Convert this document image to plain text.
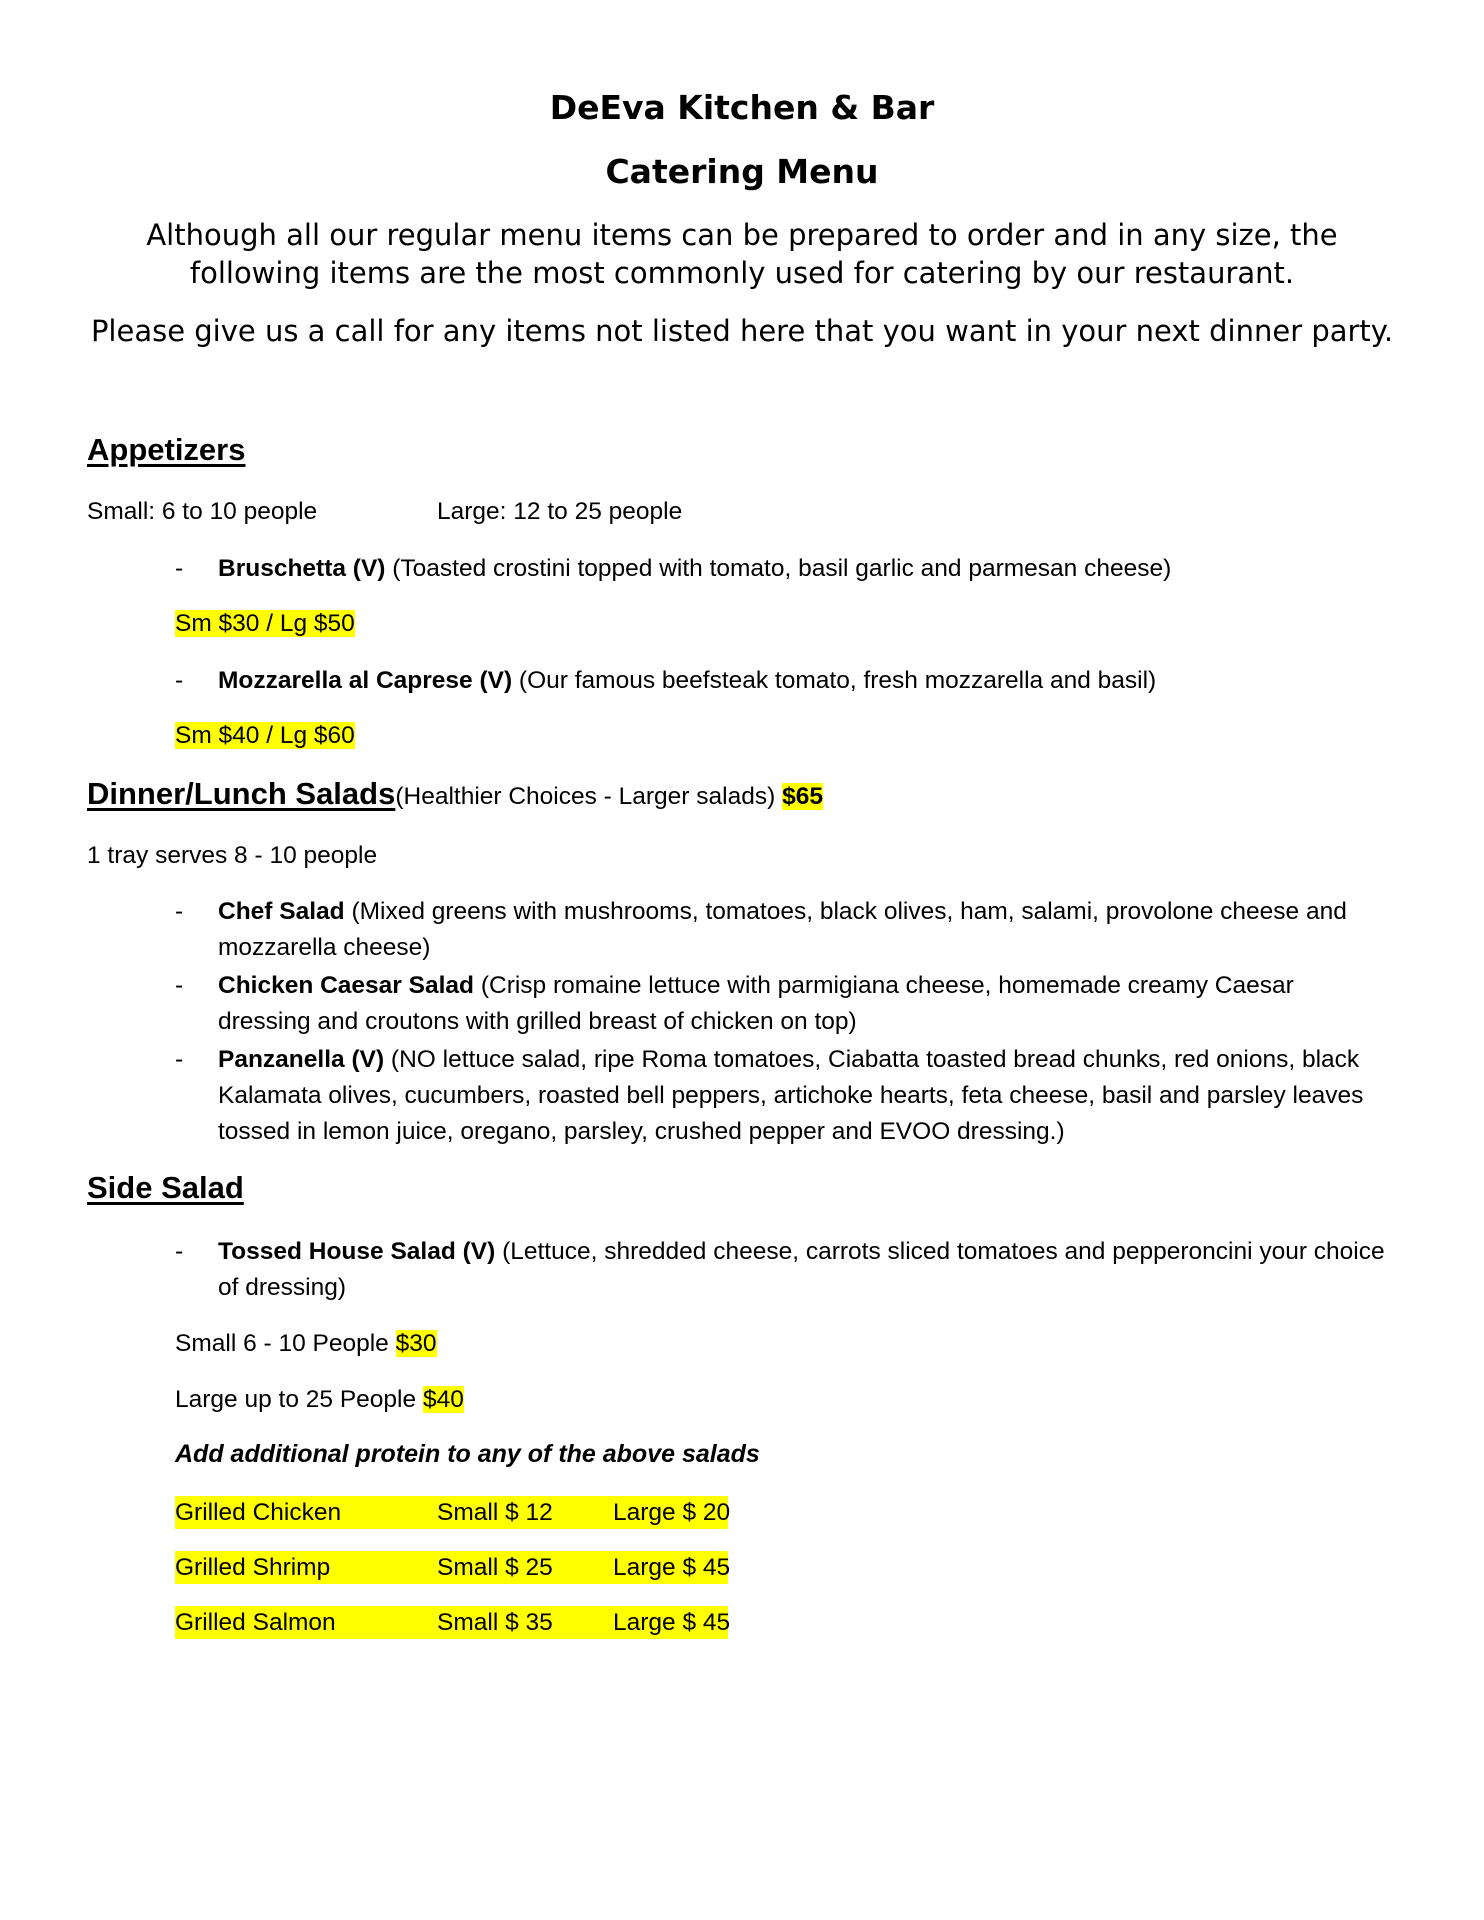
DeEva Kitchen & Bar
Catering Menu
Although all our regular menu items can be prepared to order and in any size, the following items are the most commonly used for catering by our restaurant.
Please give us a call for any items not listed here that you want in your next dinner party.
Appetizers
Small: 6 to 10 people	Large: 12 to 25 people
- Bruschetta (V) (Toasted crostini topped with tomato, basil garlic and parmesan cheese)
Sm $30 / Lg $50
- Mozzarella al Caprese (V) (Our famous beefsteak tomato, fresh mozzarella and basil)
Sm $40 / Lg $60
Dinner/Lunch Salads(Healthier Choices - Larger salads) $65
1 tray serves 8 - 10 people
- Chef Salad (Mixed greens with mushrooms, tomatoes, black olives, ham, salami, provolone cheese and mozzarella cheese)
- Chicken Caesar Salad (Crisp romaine lettuce with parmigiana cheese, homemade creamy Caesar dressing and croutons with grilled breast of chicken on top)
- Panzanella (V) (NO lettuce salad, ripe Roma tomatoes, Ciabatta toasted bread chunks, red onions, black Kalamata olives, cucumbers, roasted bell peppers, artichoke hearts, feta cheese, basil and parsley leaves tossed in lemon juice, oregano, parsley, crushed pepper and EVOO dressing.)
Side Salad
- Tossed House Salad (V) (Lettuce, shredded cheese, carrots sliced tomatoes and pepperoncini your choice of dressing)
Small 6 - 10 People $30
Large up to 25 People $40
Add additional protein to any of the above salads
Grilled Chicken	Small $ 12 Large $ 20
Grilled Shrimp	Small $ 25 Large $ 45
Grilled Salmon	Small $ 35 Large $ 45
